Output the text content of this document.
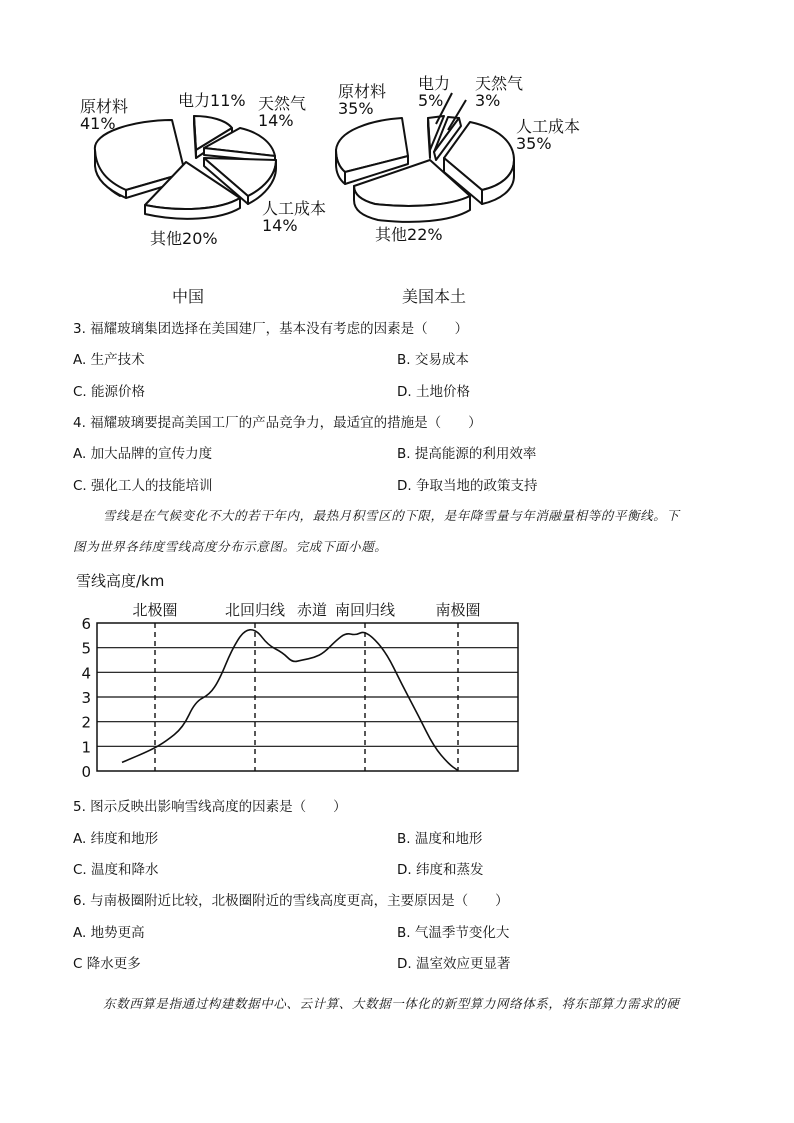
原材料
41%
电力11% 天然气
14%
人工成本
14%
其他20%
原材料
35%
电力
5%
天然气
3%
人工成本
35%
其他22%
中国	美国本土
3. 福耀玻璃集团选择在美国建厂，基本没有考虑的因素是（　　）
A. 生产技术	B. 交易成本
C. 能源价格	D. 土地价格
4. 福耀玻璃要提高美国工厂的产品竞争力，最适宜的措施是（　　）
A. 加大品牌的宣传力度	B. 提高能源的利用效率
C. 强化工人的技能培训	D. 争取当地的政策支持
雪线是在气候变化不大的若干年内，最热月积雪区的下限，是年降雪量与年消融量相等的平衡线。下
图为世界各纬度雪线高度分布示意图。完成下面小题。
雪线高度/km
0
1
2
3
4
5
6
北极圈	北回归线 赤道 南回归线	南极圈
5. 图示反映出影响雪线高度的因素是（　　）
A. 纬度和地形	B. 温度和地形
C. 温度和降水	D. 纬度和蒸发
6. 与南极圈附近比较，北极圈附近的雪线高度更高，主要原因是（　　）
A. 地势更高	B. 气温季节变化大
C 降水更多	D. 温室效应更显著
东数西算是指通过构建数据中心、云计算、大数据一体化的新型算力网络体系，将东部算力需求的硬
